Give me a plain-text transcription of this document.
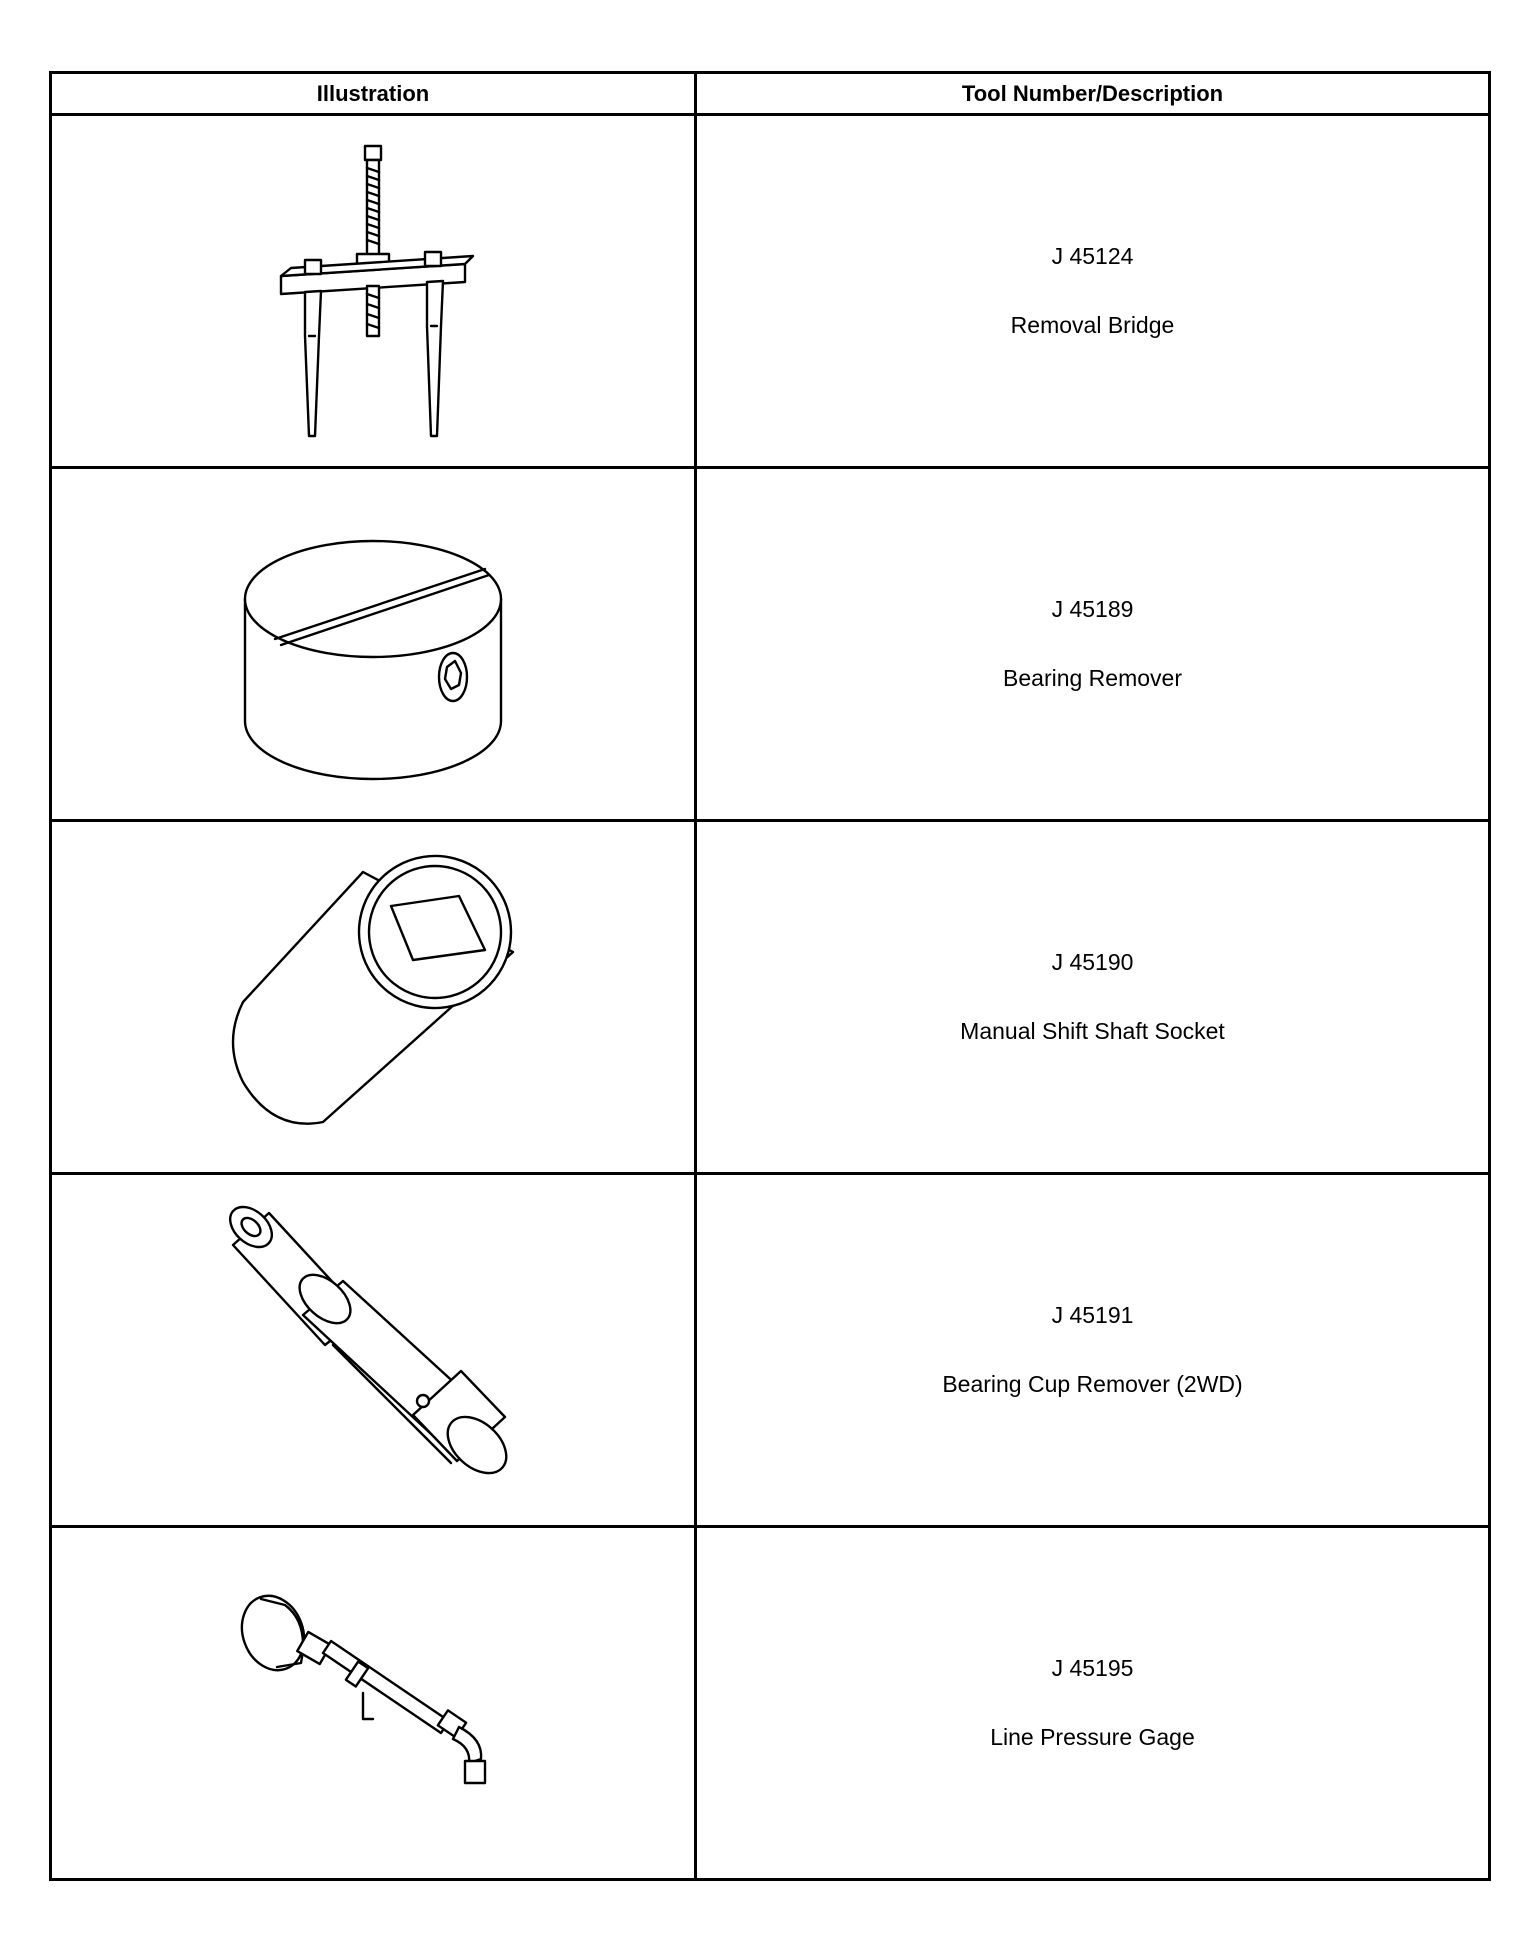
Illustration	Tool Number/Description

J 45124
Removal Bridge

J 45189
Bearing Remover

J 45190
Manual Shift Shaft Socket

J 45191
Bearing Cup Remover (2WD)

J 45195
Line Pressure Gage
